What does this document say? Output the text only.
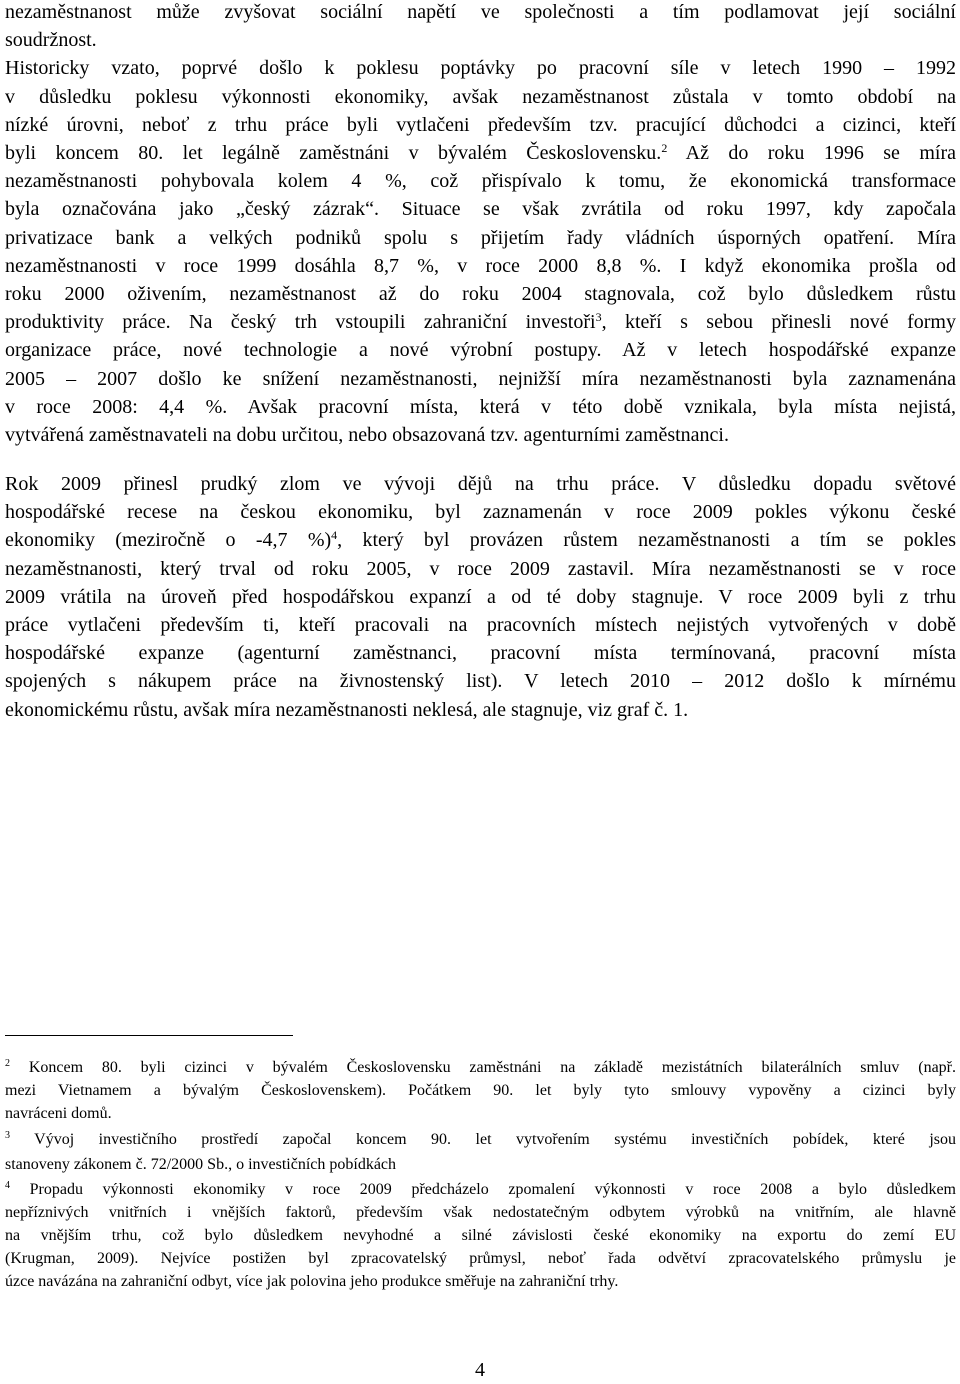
nezaměstnanost může zvyšovat sociální napětí ve společnosti a tím podlamovat její sociální
soudržnost.
Historicky vzato, poprvé došlo k poklesu poptávky po pracovní síle v letech 1990 – 1992
v důsledku poklesu výkonnosti ekonomiky, avšak nezaměstnanost zůstala v tomto období na
nízké úrovni, neboť z trhu práce byli vytlačeni především tzv. pracující důchodci a cizinci, kteří
byli koncem 80. let legálně zaměstnáni v bývalém Československu.$^2$ Až do roku 1996 se míra
nezaměstnanosti pohybovala kolem 4 %, což přispívalo k tomu, že ekonomická transformace
byla označována jako „český zázrak“. Situace se však zvrátila od roku 1997, kdy započala
privatizace bank a velkých podniků spolu s přijetím řady vládních úsporných opatření. Míra
nezaměstnanosti v roce 1999 dosáhla 8,7 %, v roce 2000 8,8 %. I když ekonomika prošla od
roku 2000 oživením, nezaměstnanost až do roku 2004 stagnovala, což bylo důsledkem růstu
produktivity práce. Na český trh vstoupili zahraniční investoři$^3$, kteří s sebou přinesli nové formy
organizace práce, nové technologie a nové výrobní postupy. Až v letech hospodářské expanze
2005 – 2007 došlo ke snížení nezaměstnanosti, nejnižší míra nezaměstnanosti byla zaznamenána
v roce 2008: 4,4 %. Avšak pracovní místa, která v této době vznikala, byla místa nejistá,
vytvářená zaměstnavateli na dobu určitou, nebo obsazovaná tzv. agenturními zaměstnanci.
Rok 2009 přinesl prudký zlom ve vývoji dějů na trhu práce. V důsledku dopadu světové
hospodářské recese na českou ekonomiku, byl zaznamenán v roce 2009 pokles výkonu české
ekonomiky (meziročně o -4,7 %)$^4$, který byl provázen růstem nezaměstnanosti a tím se pokles
nezaměstnanosti, který trval od roku 2005, v roce 2009 zastavil. Míra nezaměstnanosti se v roce
2009 vrátila na úroveň před hospodářskou expanzí a od té doby stagnuje. V roce 2009 byli z trhu
práce vytlačeni především ti, kteří pracovali na pracovních místech nejistých vytvořených v době
hospodářské expanze (agenturní zaměstnanci, pracovní místa termínovaná, pracovní místa
spojených s nákupem práce na živnostenský list). V letech 2010 – 2012 došlo k mírnému
ekonomickému růstu, avšak míra nezaměstnanosti neklesá, ale stagnuje, viz graf č. 1.
$^2$ Koncem 80. byli cizinci v bývalém Československu zaměstnáni na základě mezistátních bilaterálních smluv (např.
mezi Vietnamem a bývalým Československem). Počátkem 90. let byly tyto smlouvy vypověny a cizinci byly
navráceni domů.
$^3$ Vývoj investičního prostředí započal koncem 90. let vytvořením systému investičních pobídek, které jsou
stanoveny zákonem č. 72/2000 Sb., o investičních pobídkách
$^4$ Propadu výkonnosti ekonomiky v roce 2009 předcházelo zpomalení výkonnosti v roce 2008 a bylo důsledkem
nepříznivých vnitřních i vnějších faktorů, především však nedostatečným odbytem výrobků na vnitřním, ale hlavně
na vnějším trhu, což bylo důsledkem nevyhodné a silné závislosti české ekonomiky na exportu do zemí EU
(Krugman, 2009). Nejvíce postižen byl zpracovatelský průmysl, neboť řada odvětví zpracovatelského průmyslu je
úzce navázána na zahraniční odbyt, více jak polovina jeho produkce směřuje na zahraniční trhy.
4
